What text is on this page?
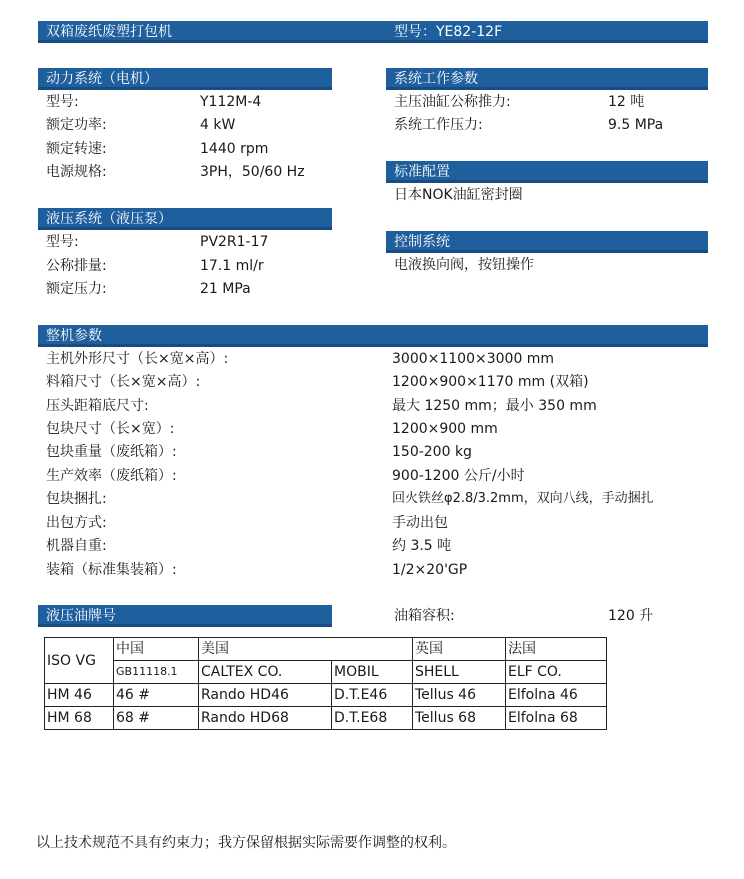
双箱废纸废塑打包机	型号：YE82-12F
动力系统（电机）
型号:	Y112M-4
额定功率:	4 kW
额定转速:	1440 rpm
电源规格:	3PH，50/60 Hz
液压系统（液压泵）
型号:	PV2R1-17
公称排量:	17.1 ml/r
额定压力:	21 MPa
系统工作参数
主压油缸公称推力:	12 吨
系统工作压力:	9.5 MPa
标准配置
日本NOK油缸密封圈
控制系统
电液换向阀，按钮操作
整机参数
主机外形尺寸（长×宽×高）:	3000×1100×3000 mm
料箱尺寸（长×宽×高）:	1200×900×1170 mm (双箱)
压头距箱底尺寸:	最大 1250 mm；最小 350 mm
包块尺寸（长×宽）:	1200×900 mm
包块重量（废纸箱）:	150-200 kg
生产效率（废纸箱）:	900-1200 公斤/小时
包块捆扎:	回火铁丝φ2.8/3.2mm，双向八线，手动捆扎
出包方式:	手动出包
机器自重:	约 3.5 吨
装箱（标准集装箱）:	1/2×20'GP
液压油牌号	油箱容积:	120 升
ISO VG	中国	美国		英国	法国
	GB11118.1	CALTEX CO.	MOBIL	SHELL	ELF CO.
HM 46	46 #	Rando HD46	D.T.E46	Tellus 46	Elfolna 46
HM 68	68 #	Rando HD68	D.T.E68	Tellus 68	Elfolna 68
以上技术规范不具有约束力；我方保留根据实际需要作调整的权利。
